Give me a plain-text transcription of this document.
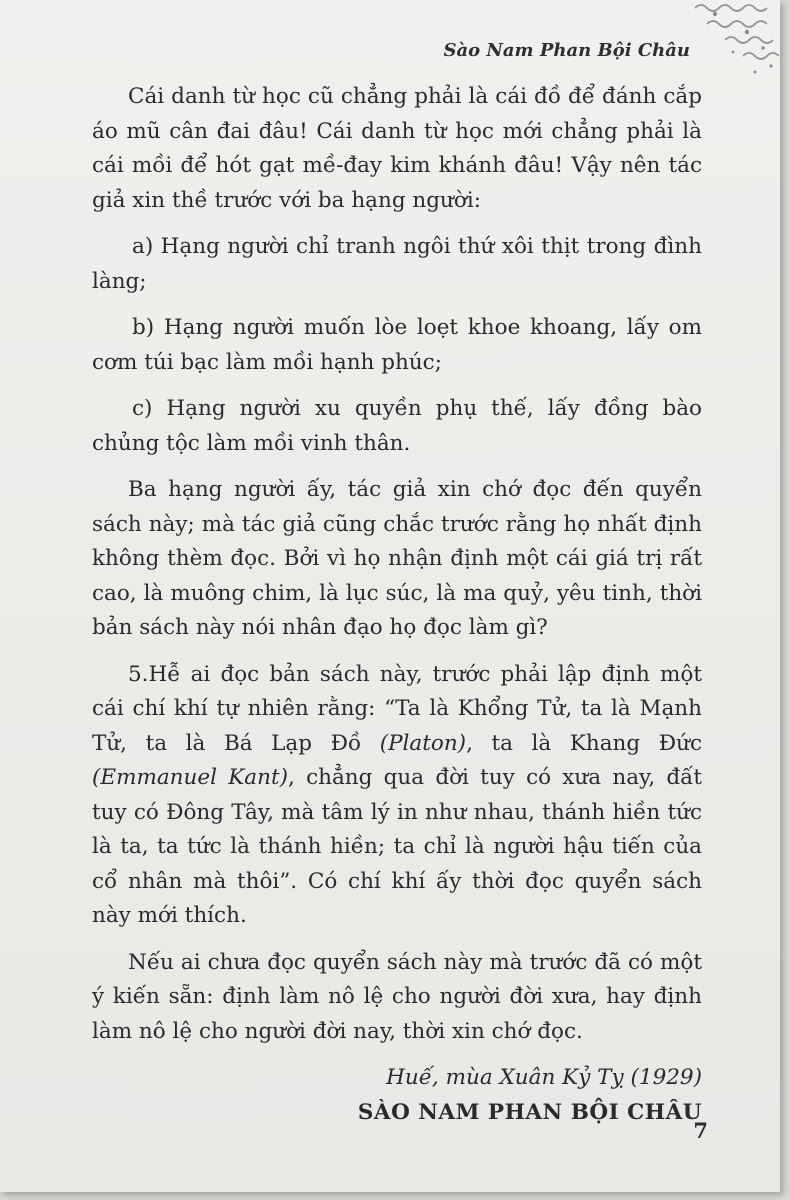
Sào Nam Phan Bội Châu

Cái danh từ học cũ chẳng phải là cái đồ để đánh cắp áo mũ cân đai đâu! Cái danh từ học mới chẳng phải là cái mồi để hót gạt mề-đay kim khánh đâu! Vậy nên tác giả xin thề trước với ba hạng người:

a) Hạng người chỉ tranh ngôi thứ xôi thịt trong đình làng;

b) Hạng người muốn lòe loẹt khoe khoang, lấy om cơm túi bạc làm mồi hạnh phúc;

c) Hạng người xu quyền phụ thế, lấy đồng bào chủng tộc làm mồi vinh thân.

Ba hạng người ấy, tác giả xin chớ đọc đến quyển sách này; mà tác giả cũng chắc trước rằng họ nhất định không thèm đọc. Bởi vì họ nhận định một cái giá trị rất cao, là muông chim, là lục súc, là ma quỷ, yêu tinh, thời bản sách này nói nhân đạo họ đọc làm gì?

5.Hễ ai đọc bản sách này, trước phải lập định một cái chí khí tự nhiên rằng: “Ta là Khổng Tử, ta là Mạnh Tử, ta là Bá Lạp Đồ (Platon), ta là Khang Đức (Emmanuel Kant), chẳng qua đời tuy có xưa nay, đất tuy có Đông Tây, mà tâm lý in như nhau, thánh hiền tức là ta, ta tức là thánh hiền; ta chỉ là người hậu tiến của cổ nhân mà thôi”. Có chí khí ấy thời đọc quyển sách này mới thích.

Nếu ai chưa đọc quyển sách này mà trước đã có một ý kiến sẵn: định làm nô lệ cho người đời xưa, hay định làm nô lệ cho người đời nay, thời xin chớ đọc.

Huế, mùa Xuân Kỷ Tỵ (1929)

SÀO NAM PHAN BỘI CHÂU

7
